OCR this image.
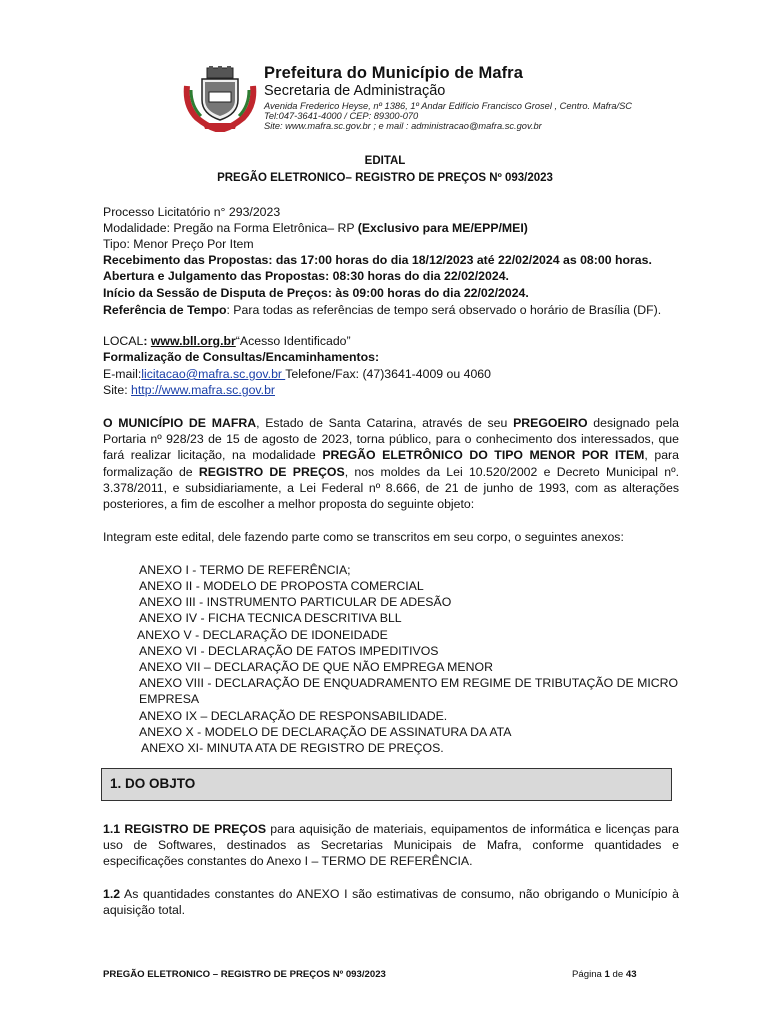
Prefeitura do Município de Mafra
Secretaria de Administração
Avenida Frederico Heyse, nº 1386, 1º Andar Edifício Francisco Grosel , Centro. Mafra/SC
Tel:047-3641-4000 / CEP: 89300-070
Site: www.mafra.sc.gov.br ; e mail : administracao@mafra.sc.gov.br
EDITAL
PREGÃO ELETRONICO– REGISTRO DE PREÇOS Nº 093/2023
Processo Licitatório n° 293/2023
Modalidade: Pregão na Forma Eletrônica– RP (Exclusivo para ME/EPP/MEI)
Tipo: Menor Preço Por Item
Recebimento das Propostas: das 17:00 horas do dia 18/12/2023 até 22/02/2024 as 08:00 horas.
Abertura e Julgamento das Propostas: 08:30 horas do dia 22/02/2024.
Início da Sessão de Disputa de Preços: às 09:00 horas do dia 22/02/2024.
Referência de Tempo: Para todas as referências de tempo será observado o horário de Brasília (DF).
LOCAL: www.bll.org.br“Acesso Identificado”
Formalização de Consultas/Encaminhamentos:
E-mail:licitacao@mafra.sc.gov.br Telefone/Fax: (47)3641-4009 ou 4060
Site: http://www.mafra.sc.gov.br
O MUNICÍPIO DE MAFRA, Estado de Santa Catarina, através de seu PREGOEIRO designado pela Portaria nº 928/23 de 15 de agosto de 2023, torna público, para o conhecimento dos interessados, que fará realizar licitação, na modalidade PREGÃO ELETRÔNICO DO TIPO MENOR POR ITEM, para formalização de REGISTRO DE PREÇOS, nos moldes da Lei 10.520/2002 e Decreto Municipal nº. 3.378/2011, e subsidiariamente, a Lei Federal nº 8.666, de 21 de junho de 1993, com as alterações posteriores, a fim de escolher a melhor proposta do seguinte objeto:
Integram este edital, dele fazendo parte como se transcritos em seu corpo, o seguintes anexos:
ANEXO I - TERMO DE REFERÊNCIA;
ANEXO II - MODELO DE PROPOSTA COMERCIAL
ANEXO III - INSTRUMENTO PARTICULAR DE ADESÃO
ANEXO IV - FICHA TECNICA DESCRITIVA BLL
ANEXO V - DECLARAÇÃO DE IDONEIDADE
ANEXO VI - DECLARAÇÃO DE FATOS IMPEDITIVOS
ANEXO VII – DECLARAÇÃO DE QUE NÃO EMPREGA MENOR
ANEXO VIII - DECLARAÇÃO DE ENQUADRAMENTO EM REGIME DE TRIBUTAÇÃO DE MICRO
EMPRESA
ANEXO IX – DECLARAÇÃO DE RESPONSABILIDADE.
ANEXO X - MODELO DE DECLARAÇÃO DE ASSINATURA DA ATA
ANEXO XI- MINUTA ATA DE REGISTRO DE PREÇOS.
1. DO OBJTO
1.1 REGISTRO DE PREÇOS para aquisição de materiais, equipamentos de informática e licenças para uso de Softwares, destinados as Secretarias Municipais de Mafra, conforme quantidades e especificações constantes do Anexo I – TERMO DE REFERÊNCIA.
1.2 As quantidades constantes do ANEXO I são estimativas de consumo, não obrigando o Município à aquisição total.
PREGÃO ELETRONICO – REGISTRO DE PREÇOS Nº 093/2023	Página 1 de 43
